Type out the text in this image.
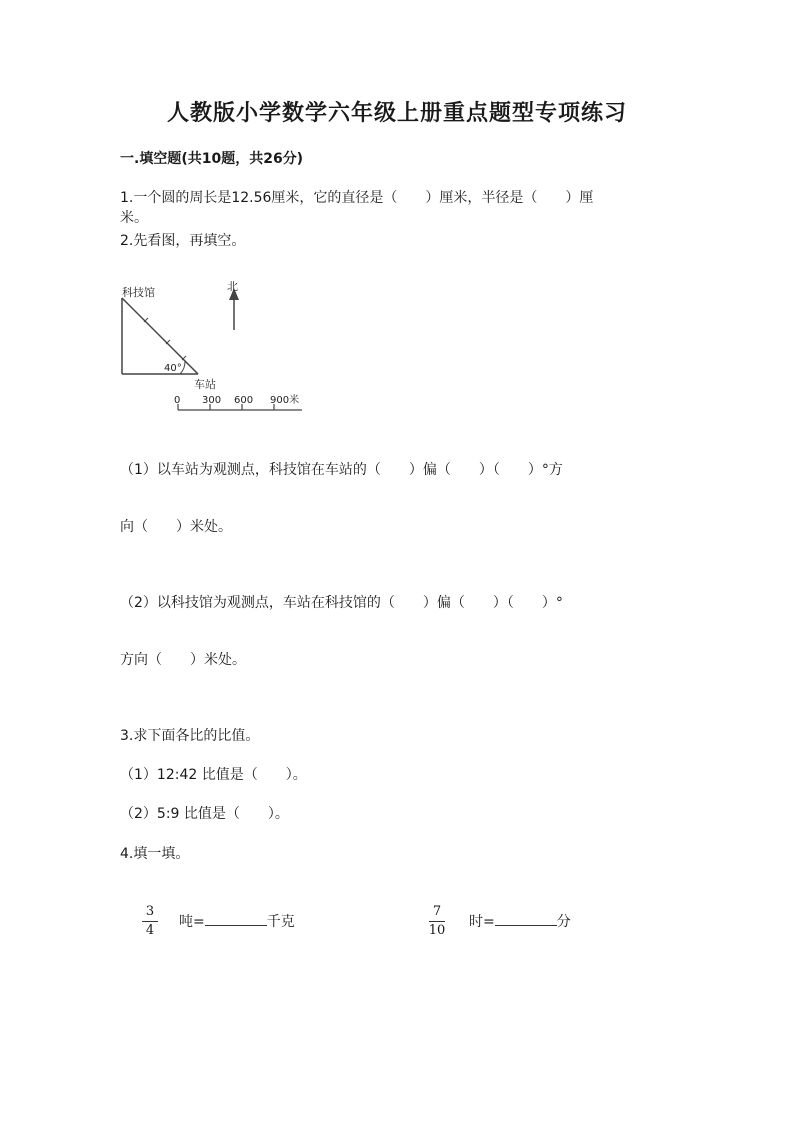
人教版小学数学六年级上册重点题型专项练习
一.填空题(共10题，共26分)
1.一个圆的周长是12.56厘米，它的直径是（　　）厘米，半径是（　　）厘
米。
2.先看图，再填空。
科技馆
车站
北
40°
0 300 600 900米
（1）以车站为观测点，科技馆在车站的（　　）偏（　　）（　　）°方
向（　　）米处。
（2）以科技馆为观测点，车站在科技馆的（　　）偏（　　）（　　）°
方向（　　）米处。
3.求下面各比的比值。
（1）12:42 比值是（　　）。
（2）5:9 比值是（　　）。
4.填一填。
3
4
吨=	千克
7
10
时=	分
